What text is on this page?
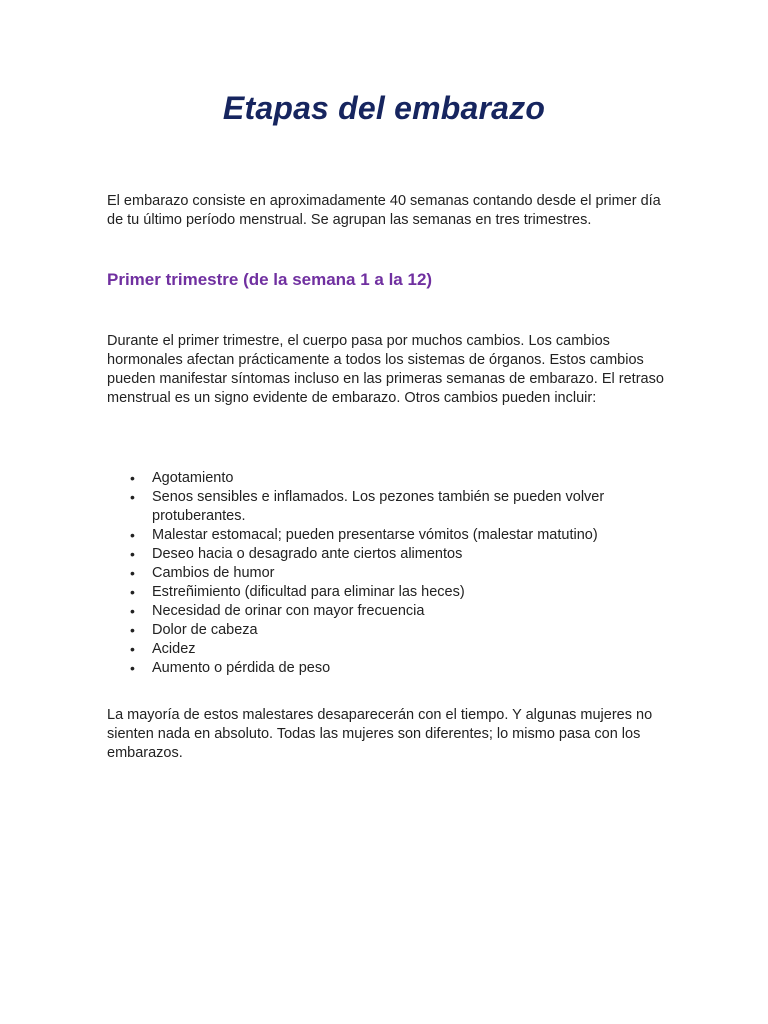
Etapas del embarazo

El embarazo consiste en aproximadamente 40 semanas contando desde el primer día de tu último período menstrual. Se agrupan las semanas en tres trimestres.

Primer trimestre (de la semana 1 a la 12)

Durante el primer trimestre, el cuerpo pasa por muchos cambios. Los cambios hormonales afectan prácticamente a todos los sistemas de órganos. Estos cambios pueden manifestar síntomas incluso en las primeras semanas de embarazo. El retraso menstrual es un signo evidente de embarazo. Otros cambios pueden incluir:

• Agotamiento
• Senos sensibles e inflamados. Los pezones también se pueden volver protuberantes.
• Malestar estomacal; pueden presentarse vómitos (malestar matutino)
• Deseo hacia o desagrado ante ciertos alimentos
• Cambios de humor
• Estreñimiento (dificultad para eliminar las heces)
• Necesidad de orinar con mayor frecuencia
• Dolor de cabeza
• Acidez
• Aumento o pérdida de peso

La mayoría de estos malestares desaparecerán con el tiempo. Y algunas mujeres no sienten nada en absoluto. Todas las mujeres son diferentes; lo mismo pasa con los embarazos.
